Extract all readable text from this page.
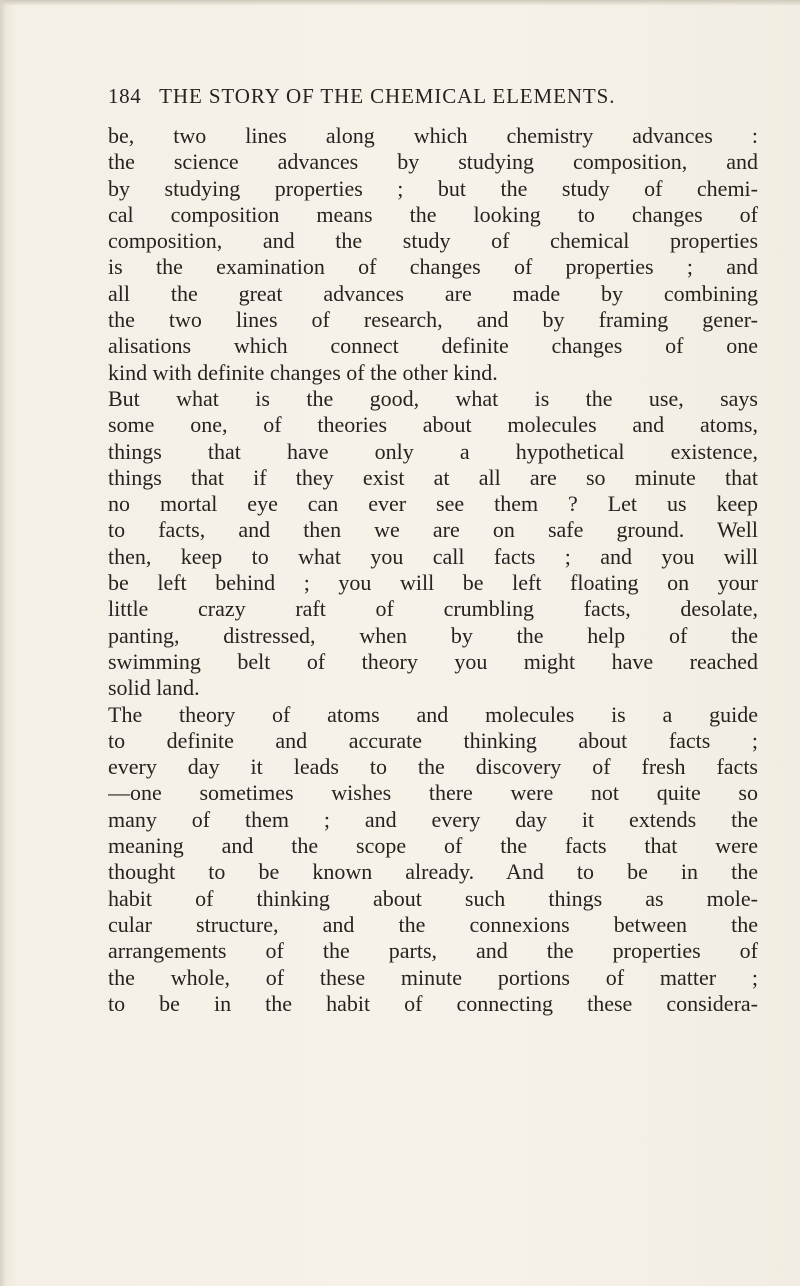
184 THE STORY OF THE CHEMICAL ELEMENTS.
be, two lines along which chemistry advances :
the science advances by studying composition, and
by studying properties ; but the study of chemi-
cal composition means the looking to changes of
composition, and the study of chemical properties
is the examination of changes of properties ; and
all the great advances are made by combining
the two lines of research, and by framing gener-
alisations which connect definite changes of one
kind with definite changes of the other kind.
But what is the good, what is the use, says
some one, of theories about molecules and atoms,
things that have only a hypothetical existence,
things that if they exist at all are so minute that
no mortal eye can ever see them ? Let us keep
to facts, and then we are on safe ground. Well
then, keep to what you call facts ; and you will
be left behind ; you will be left floating on your
little crazy raft of crumbling facts, desolate,
panting, distressed, when by the help of the
swimming belt of theory you might have reached
solid land.
The theory of atoms and molecules is a guide
to definite and accurate thinking about facts ;
every day it leads to the discovery of fresh facts
—one sometimes wishes there were not quite so
many of them ; and every day it extends the
meaning and the scope of the facts that were
thought to be known already. And to be in the
habit of thinking about such things as mole-
cular structure, and the connexions between the
arrangements of the parts, and the properties of
the whole, of these minute portions of matter ;
to be in the habit of connecting these considera-
